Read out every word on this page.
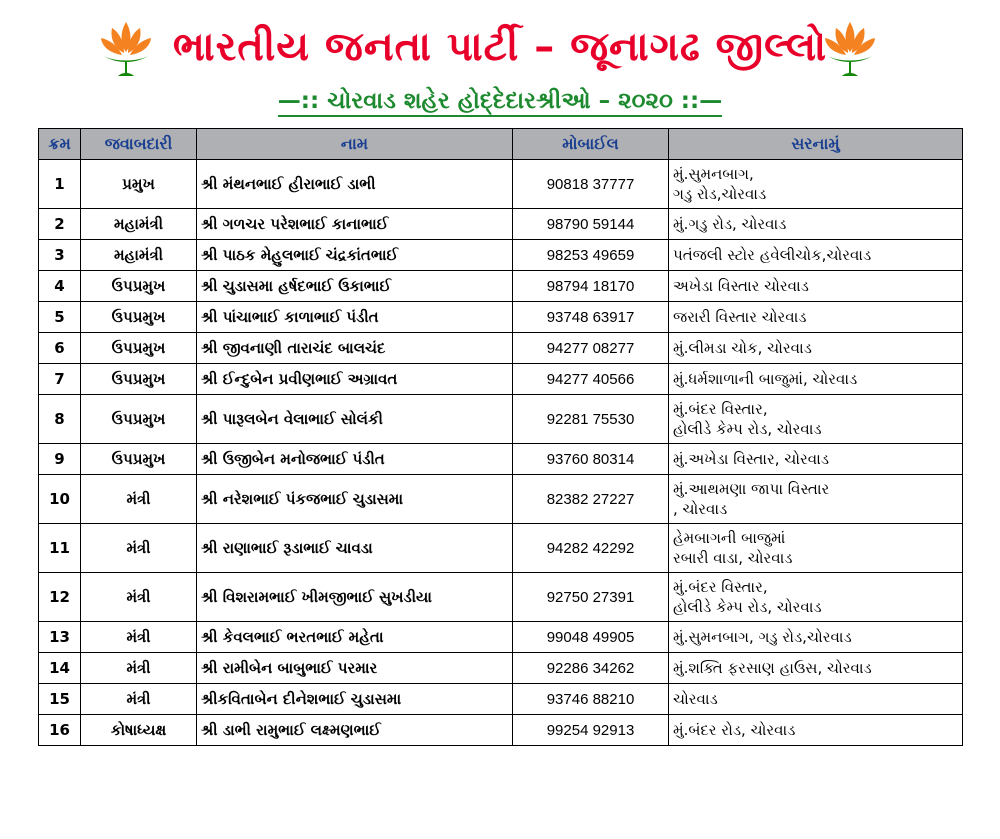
ભારતીય જનતા પાર્ટી – જૂનાગઢ જીલ્લો
—:: ચોરવાડ શહેર હોદ્દેદારશ્રીઓ – ૨૦૨૦ ::—
ક્રમ	જવાબદારી	નામ	મોબાઈલ	સરનામું
1	પ્રમુખ	શ્રી મંથનભાઈ હીરાભાઈ ડાભી	90818 37777	મું.સુમનબાગ,
ગડુ રોડ,ચોરવાડ
2	મહામંત્રી	શ્રી ગળચર પરેશભાઈ કાનાભાઈ	98790 59144	મું.ગડુ રોડ, ચોરવાડ
3	મહામંત્રી	શ્રી પાઠક મેહુલભાઈ ચંદ્રકાંતભાઈ	98253 49659	પતંજલી સ્ટોર હવેલીચોક,ચોરવાડ
4	ઉપપ્રમુખ	શ્રી ચુડાસમા હર્ષદભાઈ ઉકાભાઈ	98794 18170	અખેડા વિસ્તાર ચોરવાડ
5	ઉપપ્રમુખ	શ્રી પાંચાભાઈ કાળાભાઈ પંડીત	93748 63917	જરારી વિસ્તાર ચોરવાડ
6	ઉપપ્રમુખ	શ્રી જીવનાણી તારાચંદ બાલચંદ	94277 08277	મું.લીમડા ચોક, ચોરવાડ
7	ઉપપ્રમુખ	શ્રી ઈન્દુબેન પ્રવીણભાઈ અગ્રાવત	94277 40566	મું.ધર્મશાળાની બાજુમાં, ચોરવાડ
8	ઉપપ્રમુખ	શ્રી પારૂલબેન વેલાભાઈ સોલંકી	92281 75530	મું.બંદર વિસ્તાર,
હોલીડે કેમ્પ રોડ, ચોરવાડ
9	ઉપપ્રમુખ	શ્રી ઉજીબેન મનોજભાઈ પંડીત	93760 80314	મું.અખેડા વિસ્તાર, ચોરવાડ
10	મંત્રી	શ્રી નરેશભાઈ પંકજભાઈ ચુડાસમા	82382 27227	મું.આથમણા જાપા વિસ્તાર
, ચોરવાડ
11	મંત્રી	શ્રી રાણાભાઈ રૂડાભાઈ ચાવડા	94282 42292	હેમબાગની બાજુમાં
રબારી વાડા, ચોરવાડ
12	મંત્રી	શ્રી વિશરામભાઈ ખીમજીભાઈ સુખડીયા	92750 27391	મું.બંદર વિસ્તાર,
હોલીડે કેમ્પ રોડ, ચોરવાડ
13	મંત્રી	શ્રી કેવલભાઈ ભરતભાઈ મહેતા	99048 49905	મું.સુમનબાગ, ગડુ રોડ,ચોરવાડ
14	મંત્રી	શ્રી રામીબેન બાબુભાઈ પરમાર	92286 34262	મું.શક્તિ ફરસાણ હાઉસ, ચોરવાડ
15	મંત્રી	શ્રીકવિતાબેન દીનેશભાઈ ચુડાસમા	93746 88210	ચોરવાડ
16	કોષાધ્યક્ષ	શ્રી ડાભી રામુભાઈ લક્ષ્મણભાઈ	99254 92913	મું.બંદર રોડ, ચોરવાડ
